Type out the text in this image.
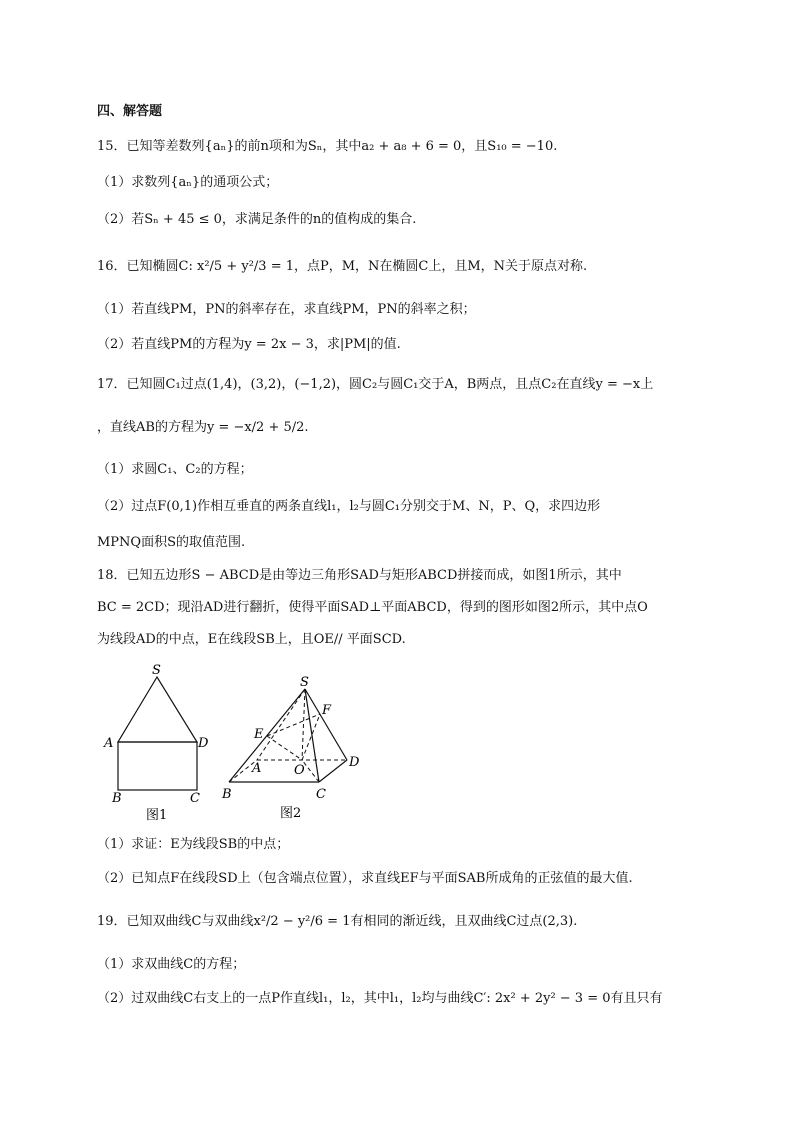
四、解答题
15．已知等差数列{aₙ}的前n项和为Sₙ，其中a₂ + a₈ + 6 = 0，且S₁₀ = −10.
（1）求数列{aₙ}的通项公式；
（2）若Sₙ + 45 ≤ 0，求满足条件的n的值构成的集合.
16．已知椭圆C: x²/5 + y²/3 = 1，点P，M，N在椭圆C上，且M，N关于原点对称.
（1）若直线PM，PN的斜率存在，求直线PM，PN的斜率之积；
（2）若直线PM的方程为y = 2x − 3，求|PM|的值.
17．已知圆C₁过点(1,4)，(3,2)，(−1,2)，圆C₂与圆C₁交于A，B两点，且点C₂在直线y = −x上
，直线AB的方程为y = −x/2 + 5/2.
（1）求圆C₁、C₂的方程；
（2）过点F(0,1)作相互垂直的两条直线l₁，l₂与圆C₁分别交于M、N，P、Q，求四边形
MPNQ面积S的取值范围.
18．已知五边形S − ABCD是由等边三角形SAD与矩形ABCD拼接而成，如图1所示，其中
BC = 2CD；现沿AD进行翻折，使得平面SAD⊥平面ABCD，得到的图形如图2所示，其中点O
为线段AD的中点，E在线段SB上，且OE// 平面SCD.
S
A	D
B	C
图1
S
F
E
A	O
D
B	C
图2
（1）求证：E为线段SB的中点；
（2）已知点F在线段SD上（包含端点位置），求直线EF与平面SAB所成角的正弦值的最大值.
19．已知双曲线C与双曲线x²/2 − y²/6 = 1有相同的渐近线，且双曲线C过点(2,3).
（1）求双曲线C的方程；
（2）过双曲线C右支上的一点P作直线l₁，l₂，其中l₁，l₂均与曲线C′: 2x² + 2y² − 3 = 0有且只有
